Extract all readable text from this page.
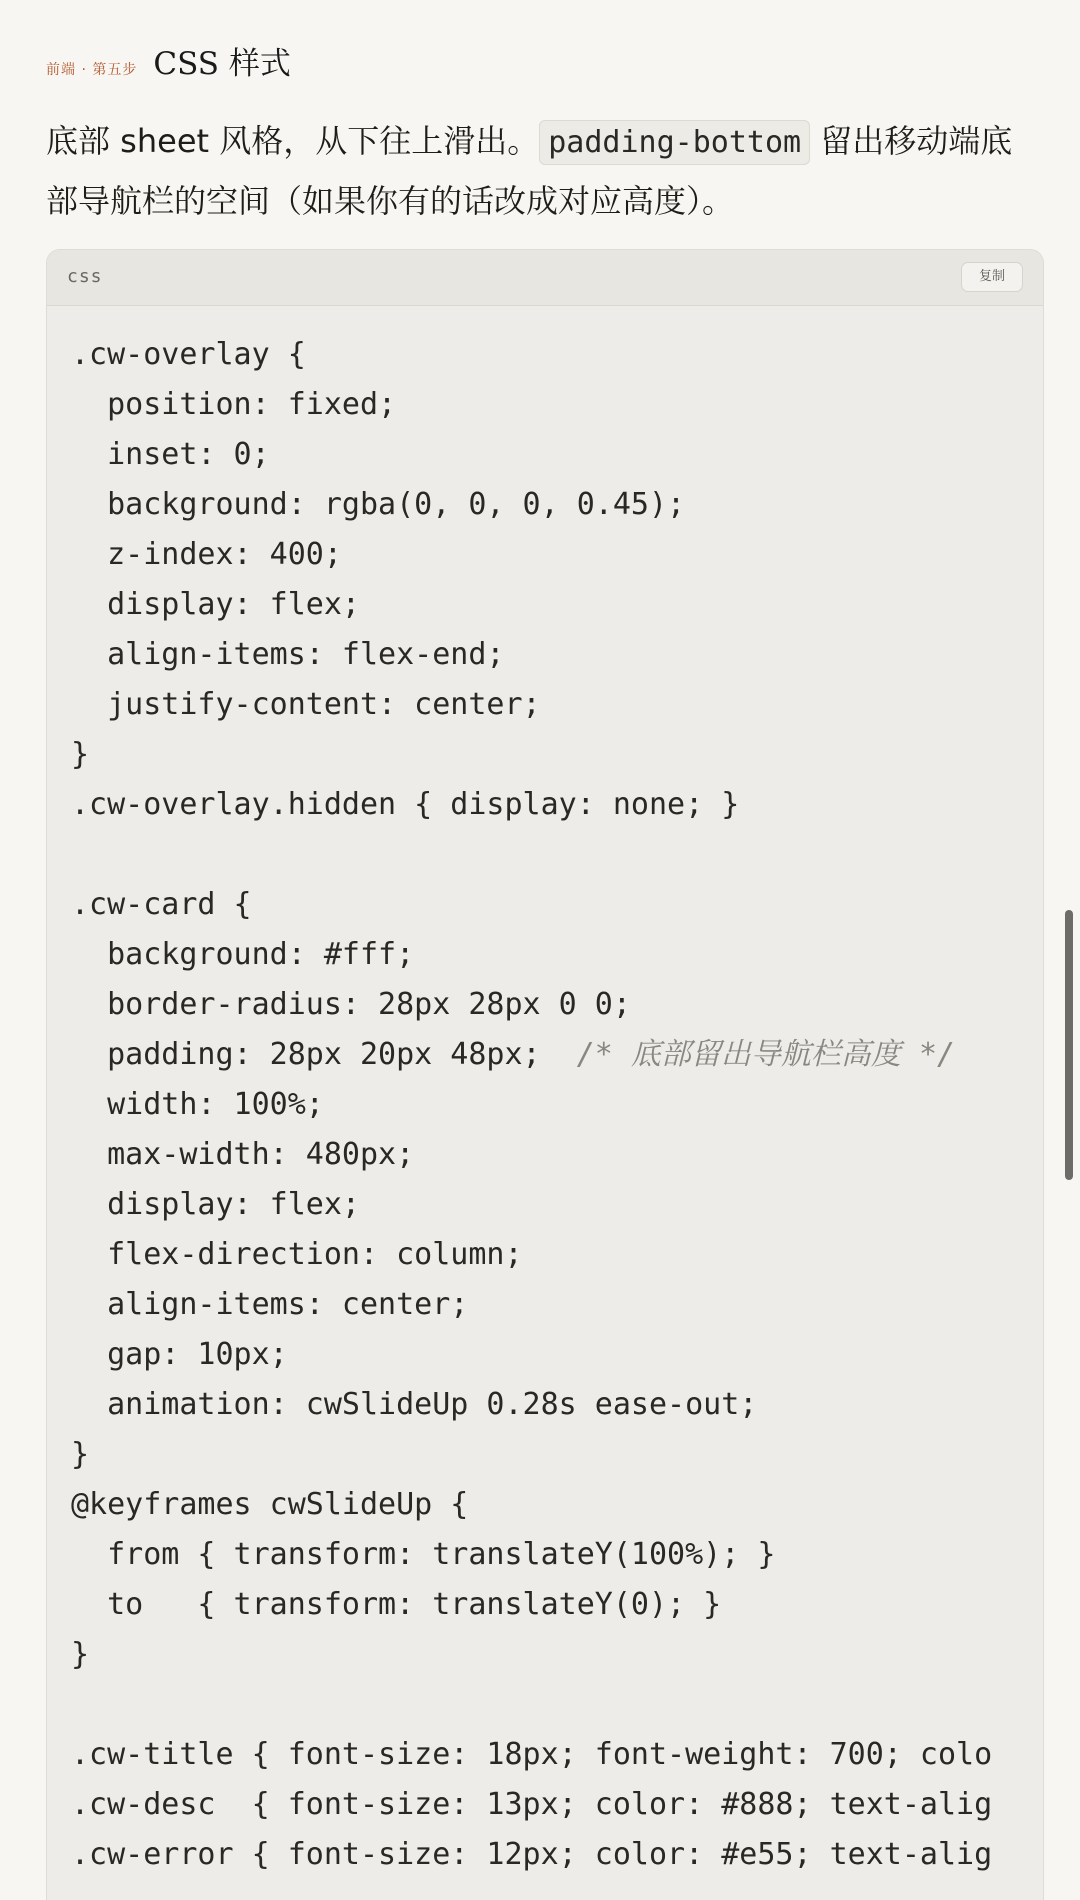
前端 · 第五步 CSS 样式
底部 sheet 风格，从下往上滑出。 padding-bottom 留出移动端底部导航栏的空间（如果你有的话改成对应高度）。
css	复制
.cw-overlay {
position: fixed;
inset: 0;
background: rgba(0, 0, 0, 0.45);
z-index: 400;
display: flex;
align-items: flex-end;
justify-content: center;
}
.cw-overlay.hidden { display: none; }
.cw-card {
background: #fff;
border-radius: 28px 28px 0 0;
padding: 28px 20px 48px;  /* 底部留出导航栏高度 */
width: 100%;
max-width: 480px;
display: flex;
flex-direction: column;
align-items: center;
gap: 10px;
animation: cwSlideUp 0.28s ease-out;
}
@keyframes cwSlideUp {
from { transform: translateY(100%); }
to   { transform: translateY(0); }
}
.cw-title { font-size: 18px; font-weight: 700; colo
.cw-desc  { font-size: 13px; color: #888; text-alig
.cw-error { font-size: 12px; color: #e55; text-alig
